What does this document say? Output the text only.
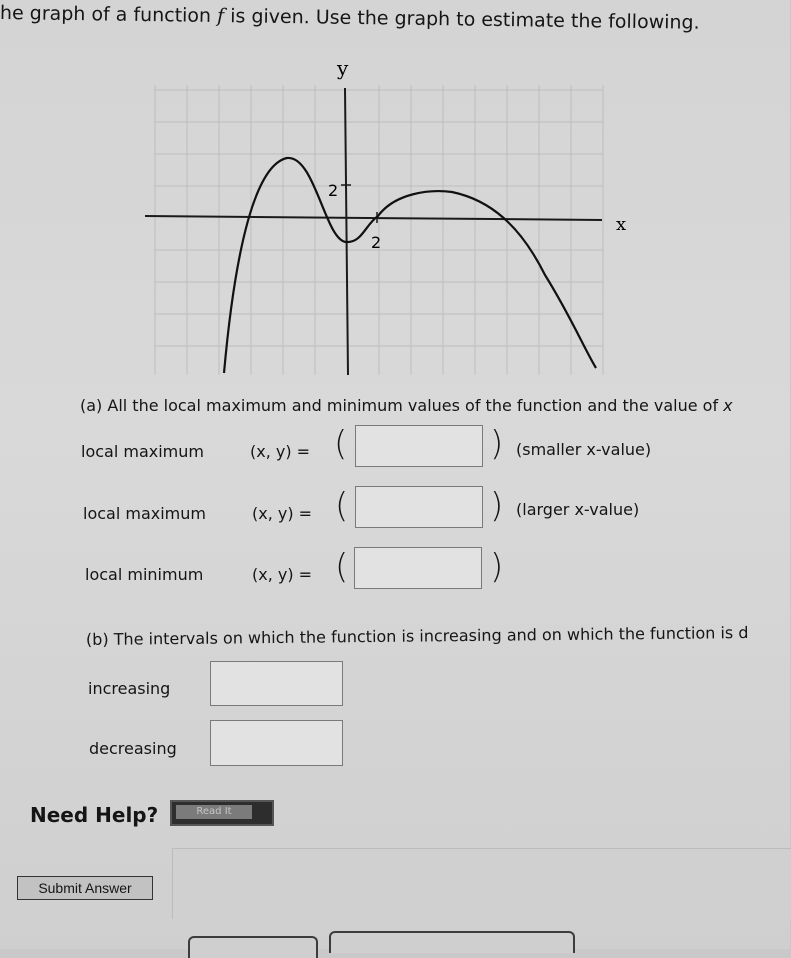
he graph of a function f is given. Use the graph to estimate the following.
y
x
2
2
(a) All the local maximum and minimum values of the function and the value of x
local maximum	(x, y) = (	) (smaller x-value)
local maximum	(x, y) = (	) (larger x-value)
local minimum	(x, y) = (	)
(b) The intervals on which the function is increasing and on which the function is d
increasing
decreasing
Need Help?	Read It
Submit Answer
